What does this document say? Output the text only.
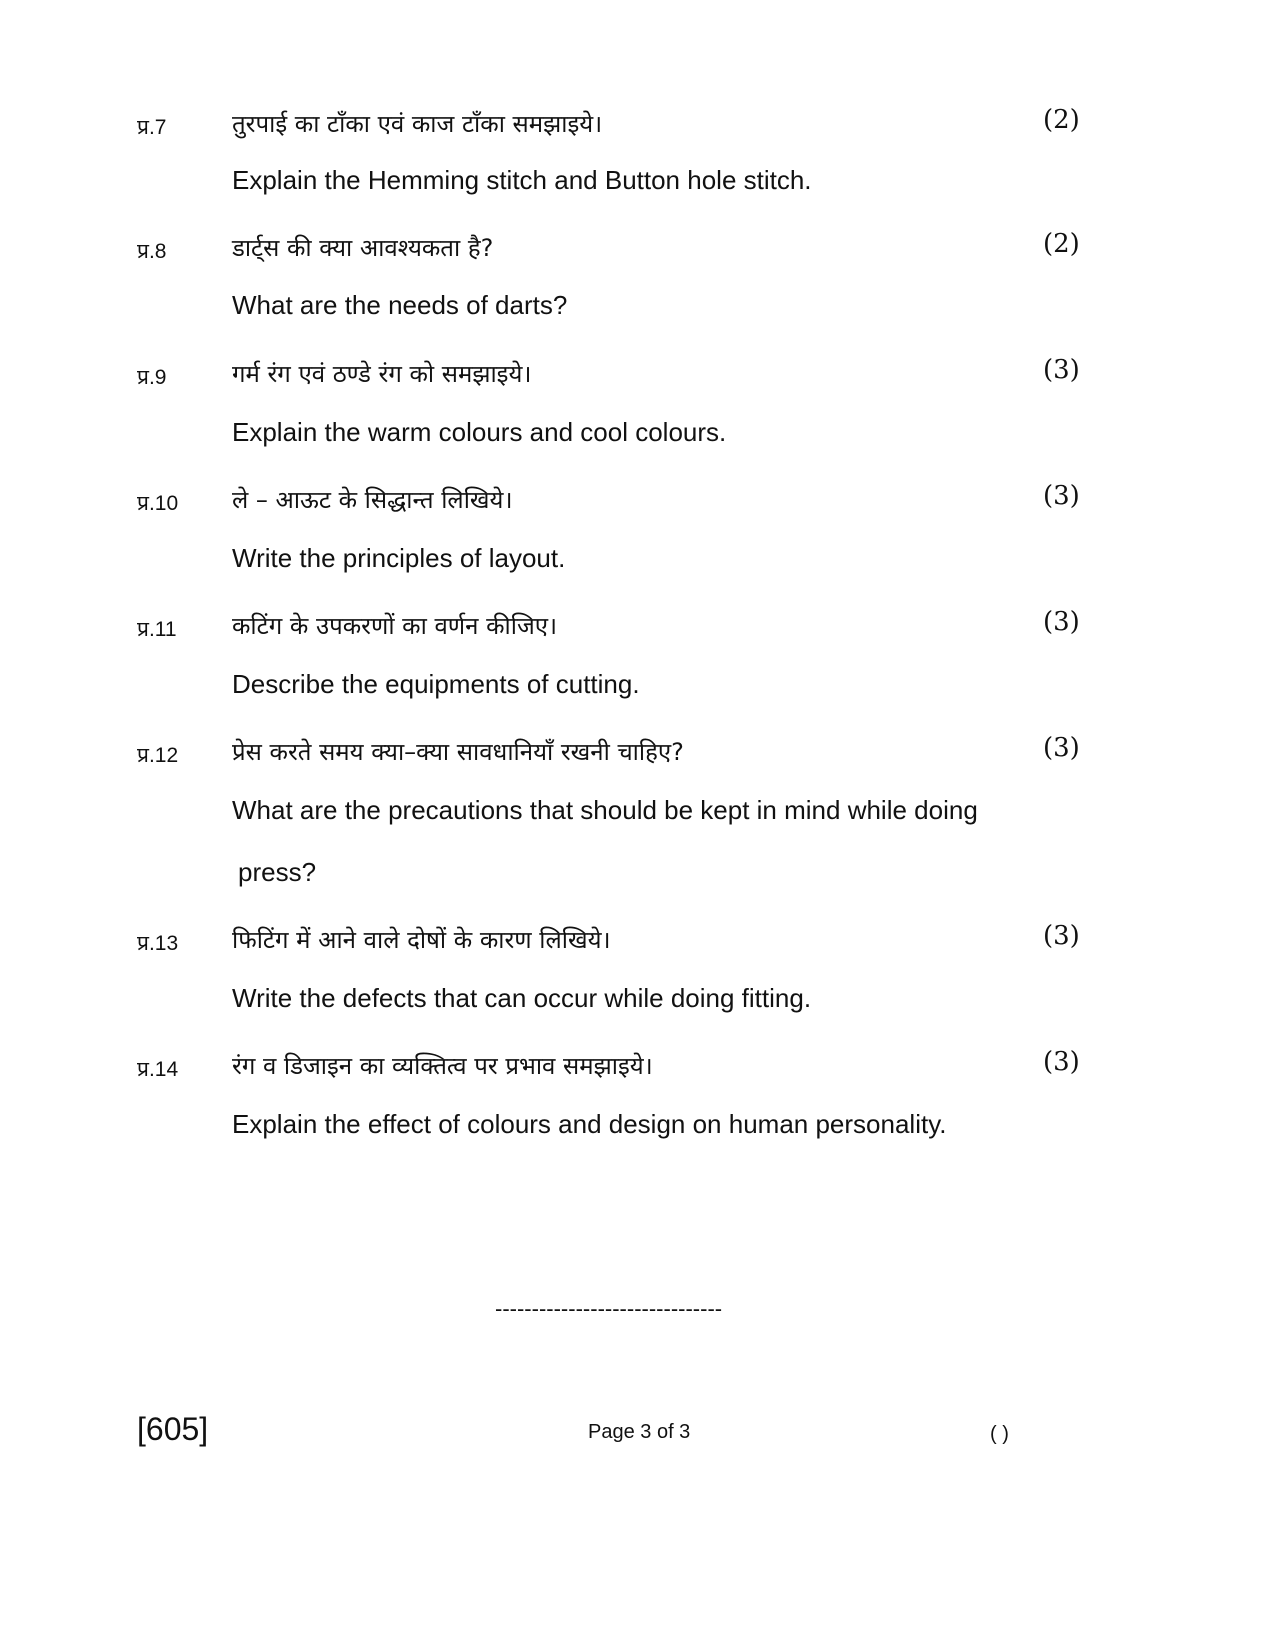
प्र.7	तुरपाई का टाँका एवं काज टाँका समझाइये।	(2)
Explain the Hemming stitch and Button hole stitch.
प्र.8	डार्ट्स की क्या आवश्यकता है?	(2)
What are the needs of darts?
प्र.9	गर्म रंग एवं ठण्डे रंग को समझाइये।	(3)
Explain the warm colours and cool colours.
प्र.10 ले – आऊट के सिद्धान्त लिखिये।	(3)
Write the principles of layout.
प्र.11 कटिंग के उपकरणों का वर्णन कीजिए।	(3)
Describe the equipments of cutting.
प्र.12 प्रेस करते समय क्या–क्या सावधानियाँ रखनी चाहिए?	(3)
What are the precautions that should be kept in mind while doing
press?
प्र.13 फिटिंग में आने वाले दोषों के कारण लिखिये।	(3)
Write the defects that can occur while doing fitting.
प्र.14 रंग व डिजाइन का व्यक्तित्व पर प्रभाव समझाइये।	(3)
Explain the effect of colours and design on human personality.
-------------------------------
[605]	Page 3 of 3	( )
